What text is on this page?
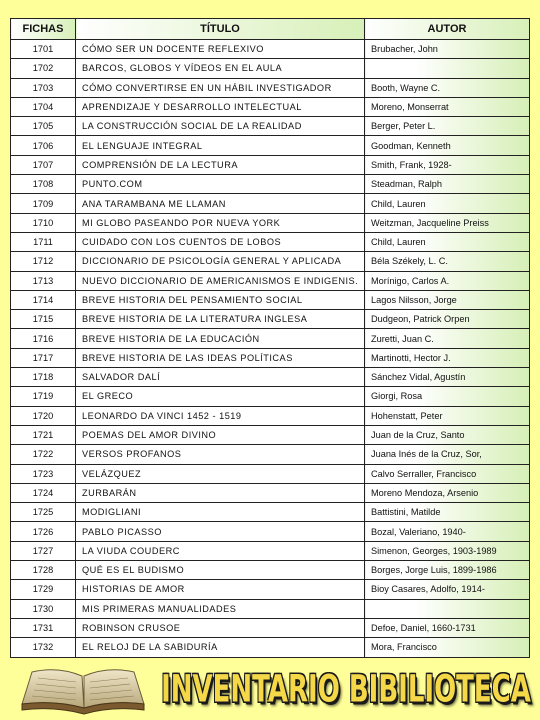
FICHAS	TÍTULO	AUTOR
1701	CÓMO SER UN DOCENTE REFLEXIVO	Brubacher, John
1702	BARCOS, GLOBOS Y VÍDEOS EN EL AULA	
1703	CÓMO CONVERTIRSE EN UN HÁBIL INVESTIGADOR	Booth, Wayne C.
1704	APRENDIZAJE Y DESARROLLO INTELECTUAL	Moreno, Monserrat
1705	LA CONSTRUCCIÓN SOCIAL DE LA REALIDAD	Berger, Peter L.
1706	EL LENGUAJE INTEGRAL	Goodman, Kenneth
1707	COMPRENSIÓN DE LA LECTURA	Smith, Frank, 1928-
1708	PUNTO.COM	Steadman, Ralph
1709	ANA TARAMBANA ME LLAMAN	Child, Lauren
1710	MI GLOBO PASEANDO POR NUEVA YORK	Weitzman, Jacqueline Preiss
1711	CUIDADO CON LOS CUENTOS DE LOBOS	Child, Lauren
1712	DICCIONARIO DE PSICOLOGÍA GENERAL Y APLICADA	Béla Székely, L. C.
1713	NUEVO DICCIONARIO DE AMERICANISMOS E INDIGENIS.	Morínigo, Carlos A.
1714	BREVE HISTORIA DEL PENSAMIENTO SOCIAL	Lagos Nilsson, Jorge
1715	BREVE HISTORIA DE LA LITERATURA INGLESA	Dudgeon, Patrick Orpen
1716	BREVE HISTORIA DE LA EDUCACIÓN	Zuretti, Juan C.
1717	BREVE HISTORIA DE LAS IDEAS POLÍTICAS	Martinotti, Hector J.
1718	SALVADOR DALÍ	Sánchez Vidal, Agustín
1719	EL GRECO	Giorgi, Rosa
1720	LEONARDO DA VINCI 1452 - 1519	Hohenstatt, Peter
1721	POEMAS DEL AMOR DIVINO	Juan de la Cruz, Santo
1722	VERSOS PROFANOS	Juana Inés de la Cruz, Sor,
1723	VELÁZQUEZ	Calvo Serraller, Francisco
1724	ZURBARÁN	Moreno Mendoza, Arsenio
1725	MODIGLIANI	Battistini, Matilde
1726	PABLO PICASSO	Bozal, Valeriano, 1940-
1727	LA VIUDA COUDERC	Simenon, Georges, 1903-1989
1728	QUÉ ES EL BUDISMO	Borges, Jorge Luis, 1899-1986
1729	HISTORIAS DE AMOR	Bioy Casares, Adolfo, 1914-
1730	MIS PRIMERAS MANUALIDADES	
1731	ROBINSON CRUSOE	Defoe, Daniel, 1660-1731
1732	EL RELOJ DE LA SABIDURÍA	Mora, Francisco
INVENTARIO BIBILIOTECA
